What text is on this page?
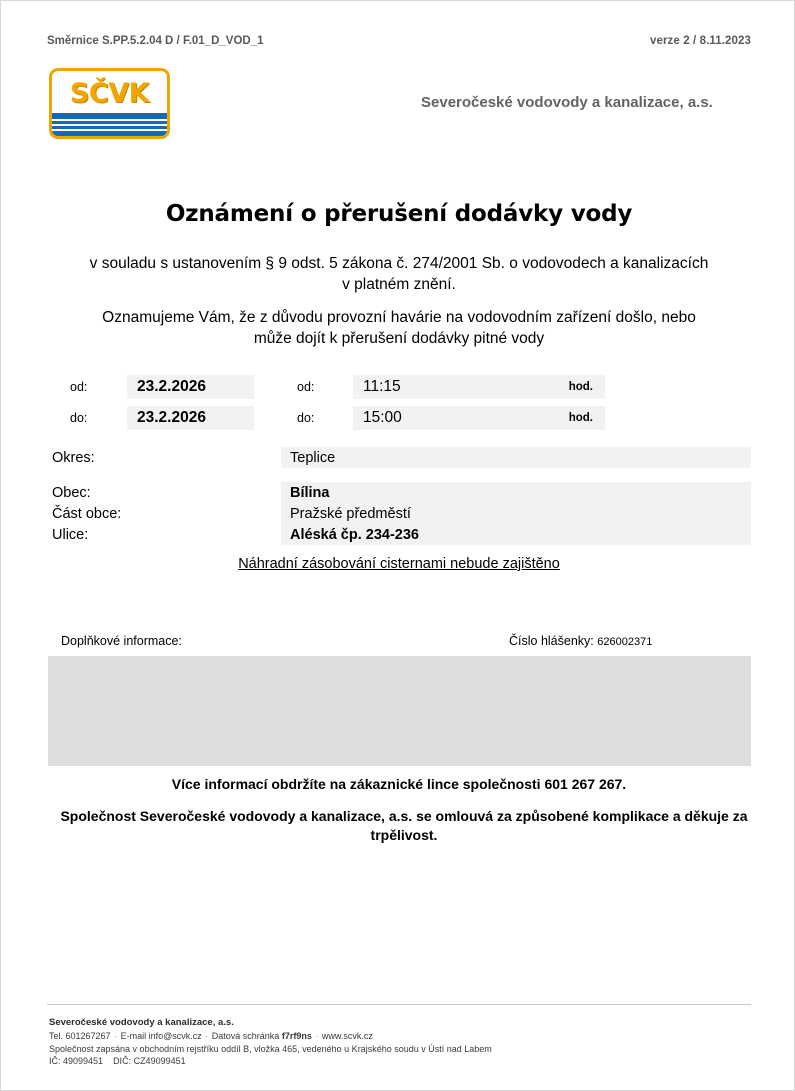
Směrnice S.PP.5.2.04 D / F.01_D_VOD_1	verze 2 / 8.11.2023
SČVK	Severočeské vodovody a kanalizace, a.s.
Oznámení o přerušení dodávky vody
v souladu s ustanovením § 9 odst. 5 zákona č. 274/2001 Sb. o vodovodech a kanalizacích v platném znění.
Oznamujeme Vám, že z důvodu provozní havárie na vodovodním zařízení došlo, nebo může dojít k přerušení dodávky pitné vody
od:	23.2.2026	od:	11:15	hod.
do:	23.2.2026	do:	15:00	hod.
Okres:	Teplice
Obec:	Bílina
Část obce:	Pražské předměstí
Ulice:	Aléská čp. 234-236
Náhradní zásobování cisternami nebude zajištěno
Doplňkové informace:	Číslo hlášenky: 626002371
Více informací obdržíte na zákaznické lince společnosti 601 267 267.
Společnost Severočeské vodovody a kanalizace, a.s. se omlouvá za způsobené komplikace a děkuje za trpělivost.
Severočeské vodovody a kanalizace, a.s.
Tel. 601267267 · E-mail info@scvk.cz · Datová schránka f7rf9ns · www.scvk.cz
Společnost zapsána v obchodním rejstříku oddíl B, vložka 465, vedeného u Krajského soudu v Ústí nad Labem
IČ: 49099451 DIČ: CZ49099451
